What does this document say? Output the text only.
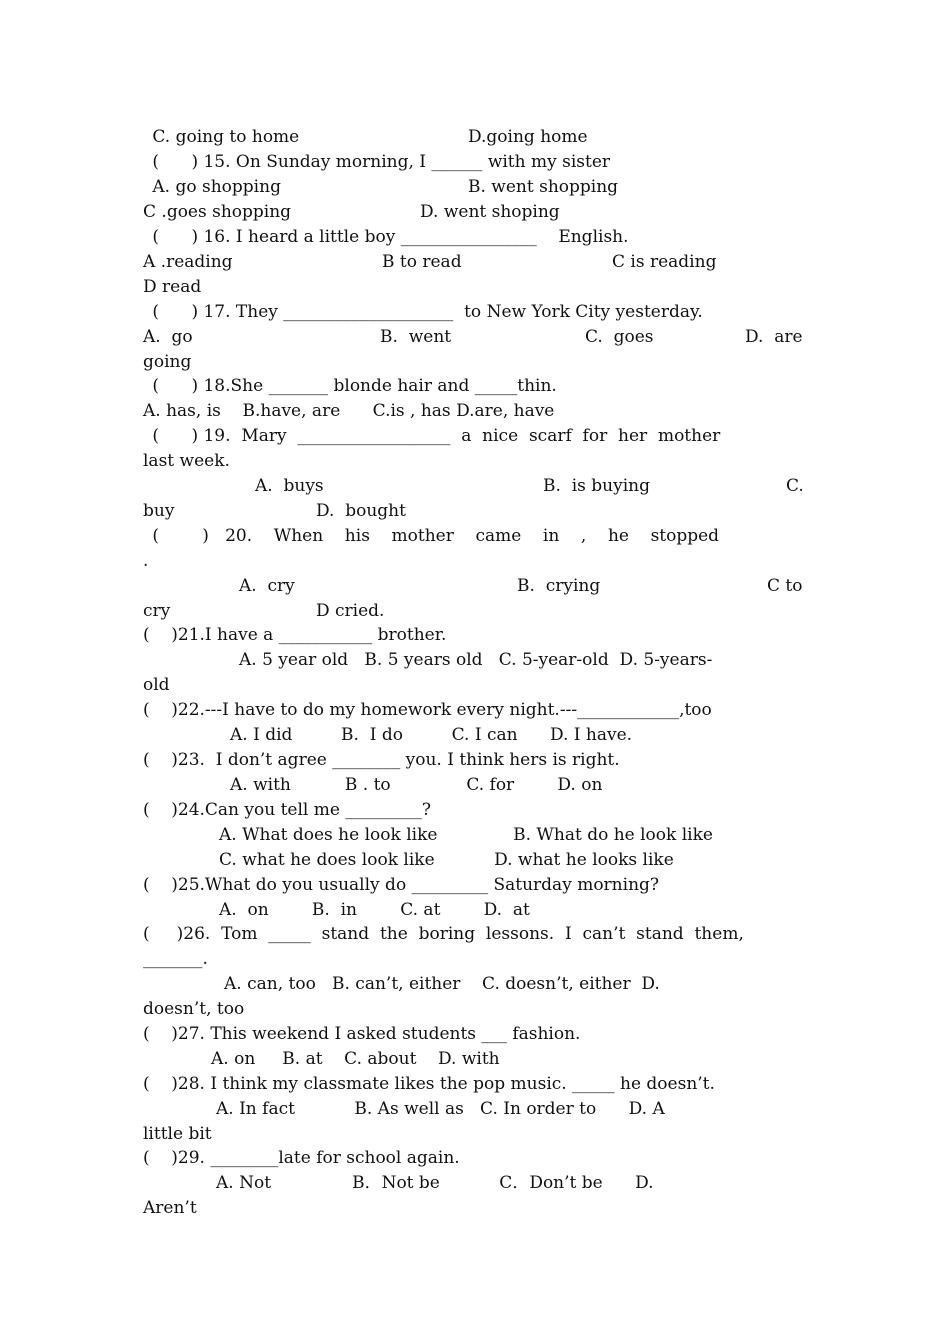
C. going to home	D.going home
(      ) 15. On Sunday morning, I ______ with my sister
A. go shopping	B. went shopping
C .goes shopping	D. went shoping
(      ) 16. I heard a little boy ________________    English.
A .reading	B to read	C is reading
D read
(      ) 17. They ____________________  to New York City yesterday.
A.  go	B.  went	C.  goes	D.  are
going
(      ) 18.She _______ blonde hair and _____thin.
A. has, is    B.have, are      C.is , has D.are, have
(      ) 19.  Mary  __________________  a  nice  scarf  for  her  mother
last week.
A.  buys	B.  is buying	C.
buy	D.  bought
(        )   20.    When    his    mother    came    in    ,    he    stopped
.
A.  cry	B.  crying	C to
cry	D cried.
(    )21.I have a ___________ brother.
A. 5 year old   B. 5 years old   C. 5-year-old  D. 5-years-
old
(    )22.---I have to do my homework every night.---____________,too
A. I did         B.  I do         C. I can      D. I have.
(    )23.  I don’t agree ________ you. I think hers is right.
A. with          B . to              C. for        D. on
(    )24.Can you tell me _________?
A. What does he look like              B. What do he look like
C. what he does look like           D. what he looks like
(    )25.What do you usually do _________ Saturday morning?
A.  on        B.  in        C. at        D.  at
(     )26.  Tom  _____  stand  the  boring  lessons.  I  can’t  stand  them,
_______.
A. can, too   B. can’t, either    C. doesn’t, either  D.
doesn’t, too
(    )27. This weekend I asked students ___ fashion.
A. on     B. at    C. about    D. with
(    )28. I think my classmate likes the pop music. _____ he doesn’t.
A. In fact           B. As well as   C. In order to      D. A
little bit
(    )29. ________late for school again.
A. Not               B．Not be           C．Don’t be      D.
Aren’t
